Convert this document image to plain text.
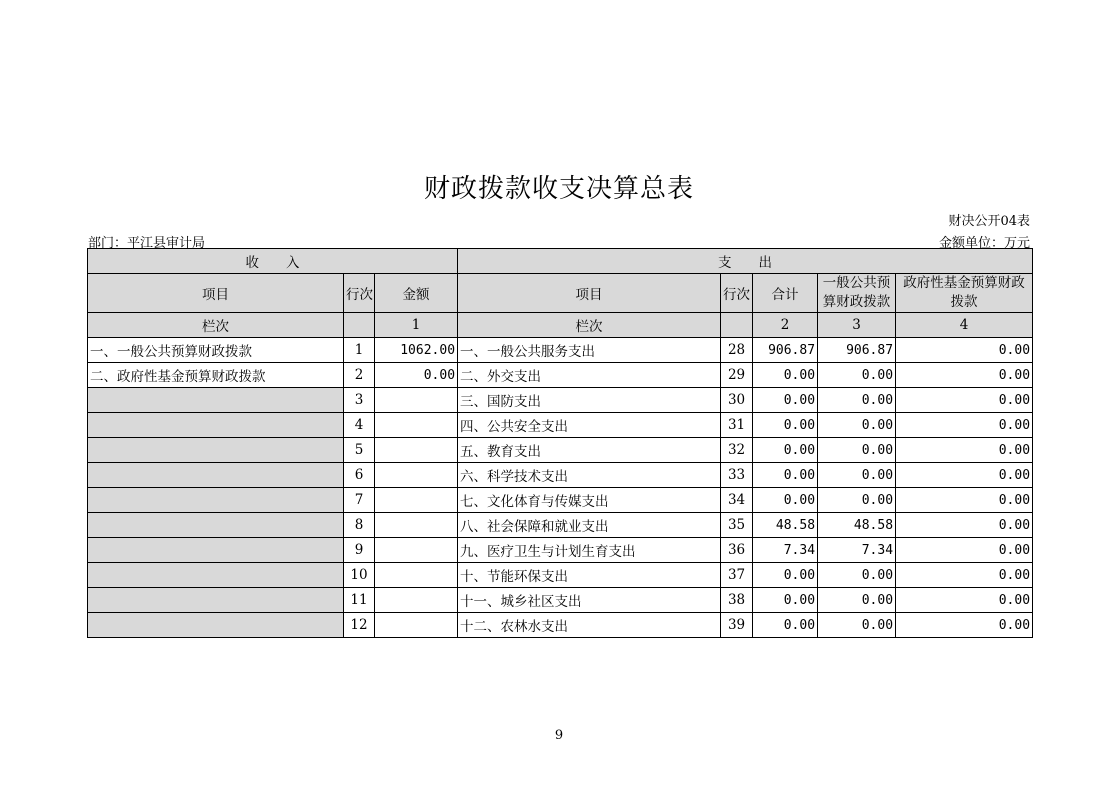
财政拨款收支决算总表
财决公开04表
部门：平江县审计局	金额单位：万元
收　　入			支　　出				
项目	行次	金额	项目	行次	合计	一般公共预算财政拨款	政府性基金预算财政拨款
栏次		1	栏次		2	3	4
一、一般公共预算财政拨款	1	1062.00	一、一般公共服务支出	28	906.87	906.87	0.00
二、政府性基金预算财政拨款	2	0.00	二、外交支出	29	0.00	0.00	0.00
	3		三、国防支出	30	0.00	0.00	0.00
	4		四、公共安全支出	31	0.00	0.00	0.00
	5		五、教育支出	32	0.00	0.00	0.00
	6		六、科学技术支出	33	0.00	0.00	0.00
	7		七、文化体育与传媒支出	34	0.00	0.00	0.00
	8		八、社会保障和就业支出	35	48.58	48.58	0.00
	9		九、医疗卫生与计划生育支出	36	7.34	7.34	0.00
	10		十、节能环保支出	37	0.00	0.00	0.00
	11		十一、城乡社区支出	38	0.00	0.00	0.00
	12		十二、农林水支出	39	0.00	0.00	0.00
9
